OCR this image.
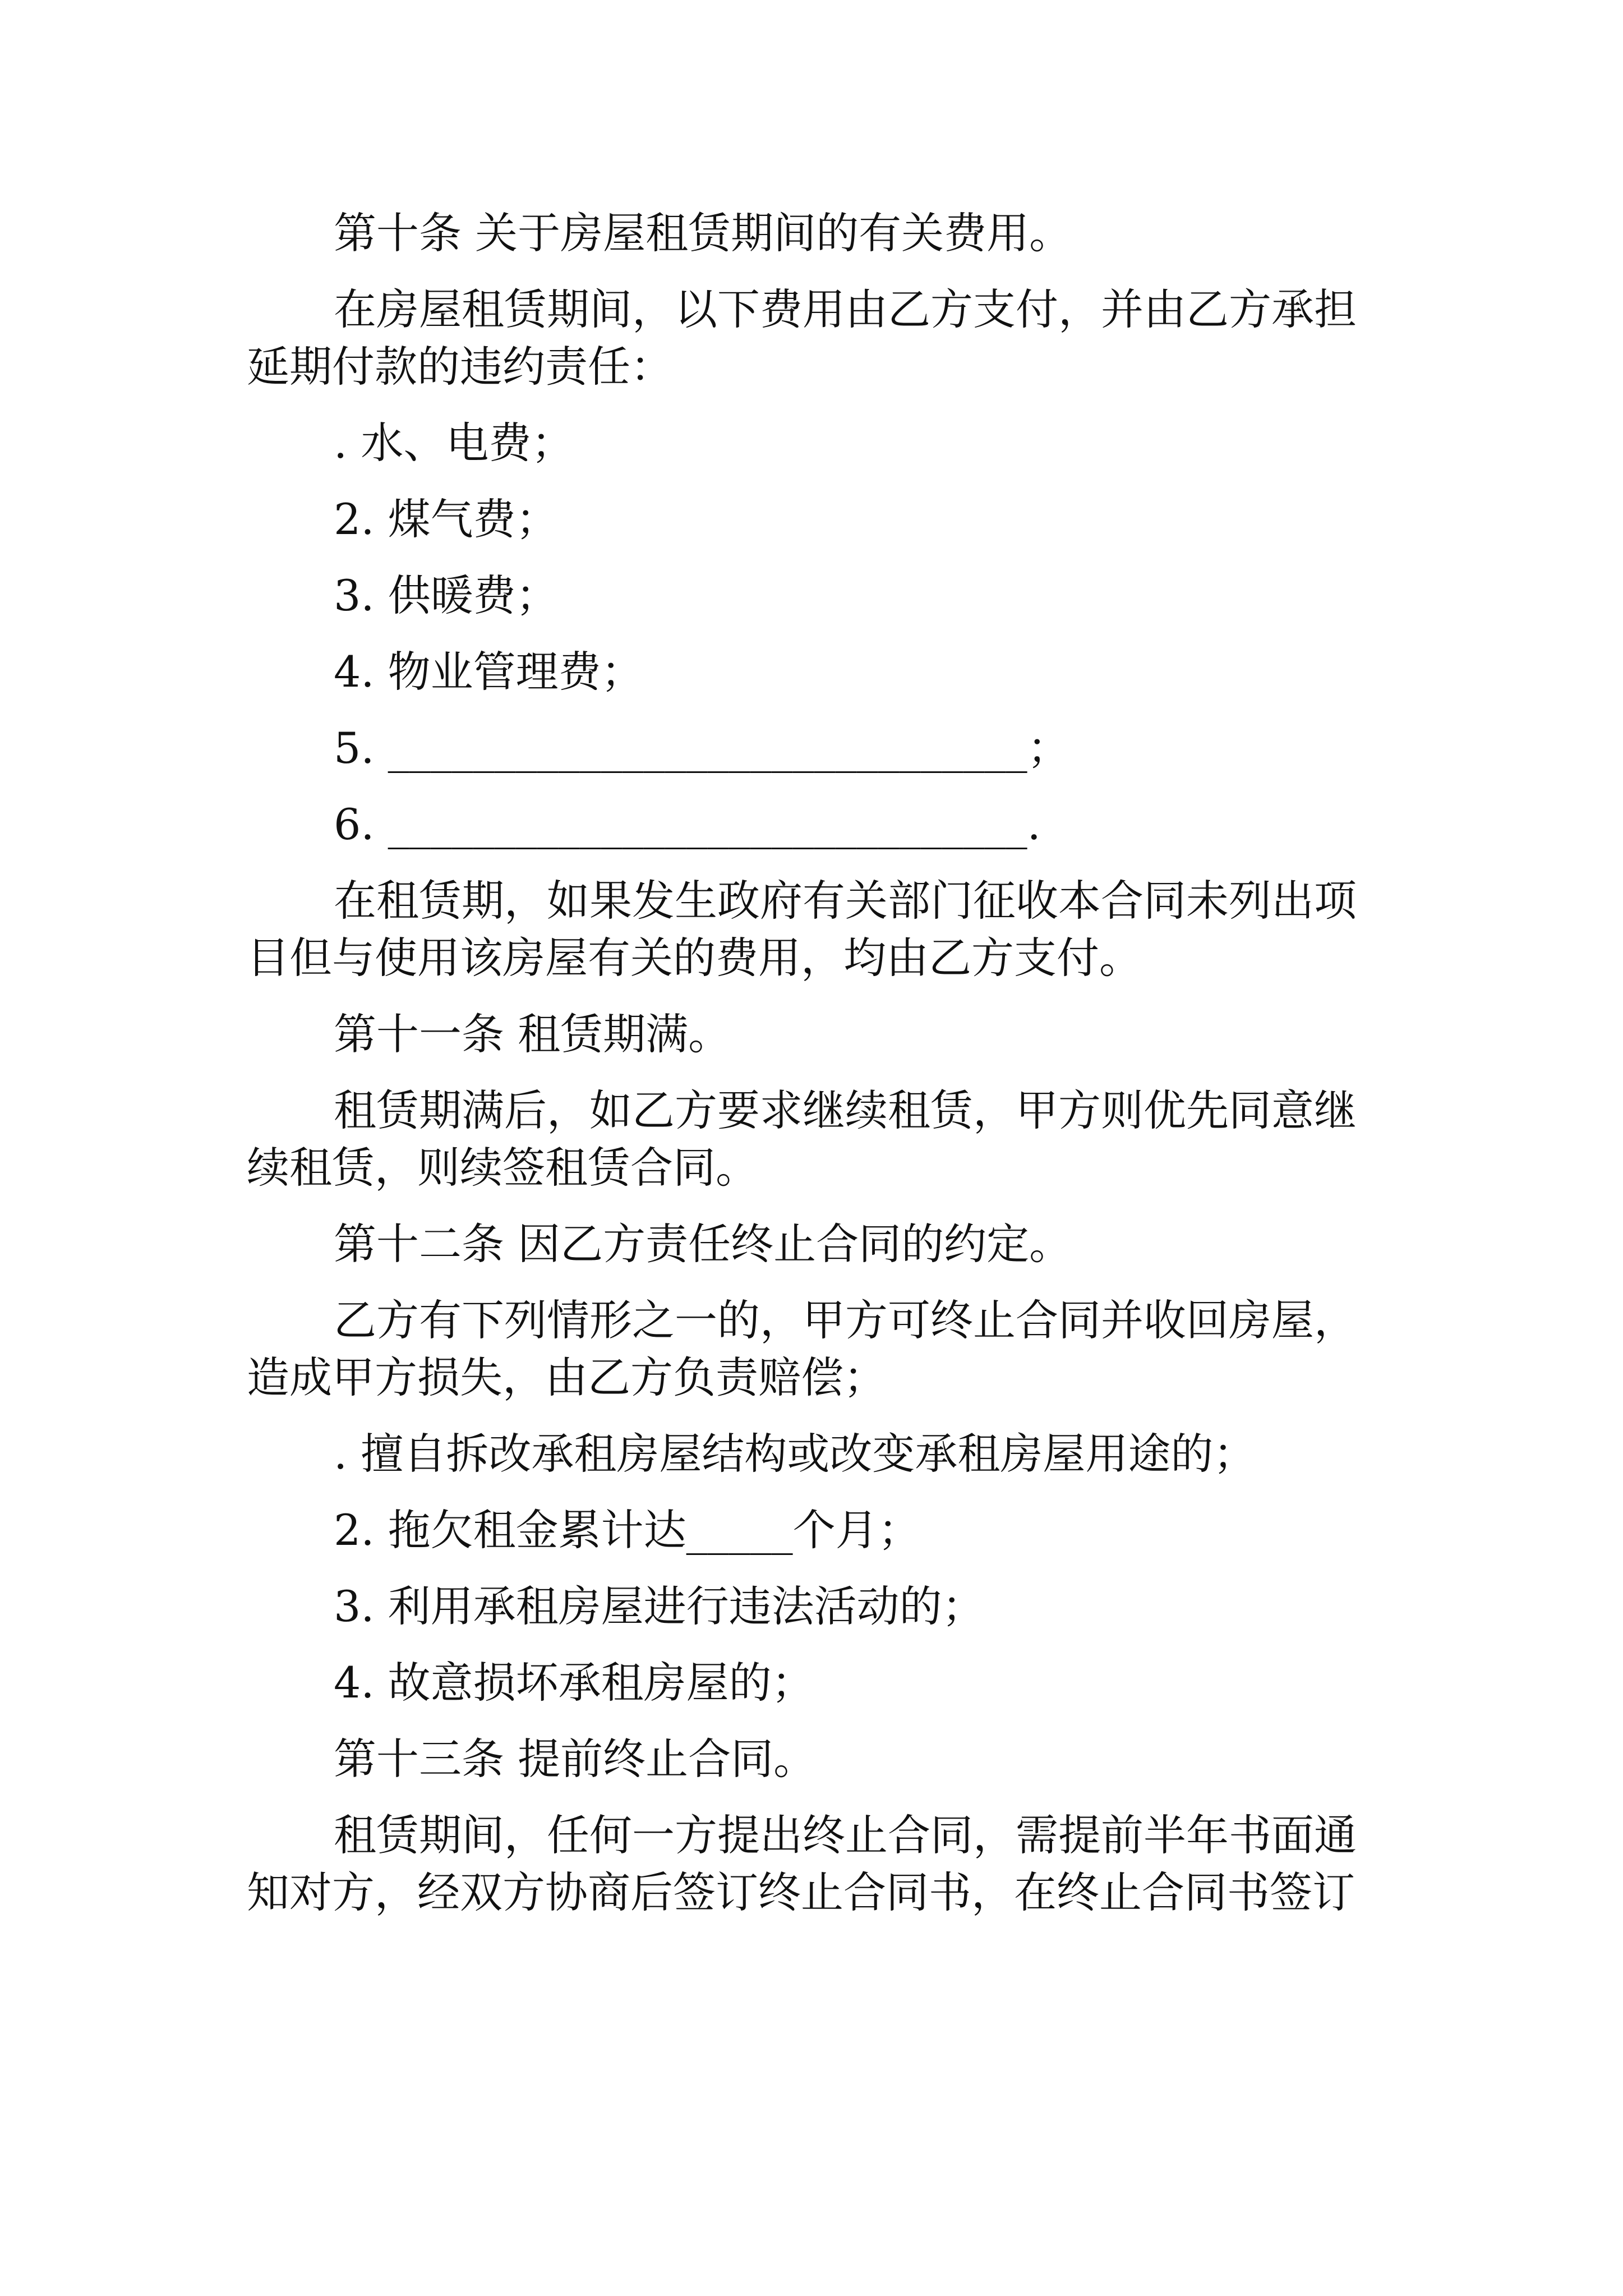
第十条 关于房屋租赁期间的有关费用。
在房屋租赁期间，以下费用由乙方支付，并由乙方承担
延期付款的违约责任：
. 水、电费；
2. 煤气费；
3. 供暖费；
4. 物业管理费；
5. ______________________________；
6. ______________________________.
在租赁期，如果发生政府有关部门征收本合同未列出项
目但与使用该房屋有关的费用，均由乙方支付。
第十一条 租赁期满。
租赁期满后，如乙方要求继续租赁，甲方则优先同意继
续租赁，则续签租赁合同。
第十二条 因乙方责任终止合同的约定。
乙方有下列情形之一的，甲方可终止合同并收回房屋，
造成甲方损失，由乙方负责赔偿；
. 擅自拆改承租房屋结构或改变承租房屋用途的；
2. 拖欠租金累计达_____个月；
3. 利用承租房屋进行违法活动的；
4. 故意损坏承租房屋的；
第十三条 提前终止合同。
租赁期间，任何一方提出终止合同，需提前半年书面通
知对方，经双方协商后签订终止合同书，在终止合同书签订
